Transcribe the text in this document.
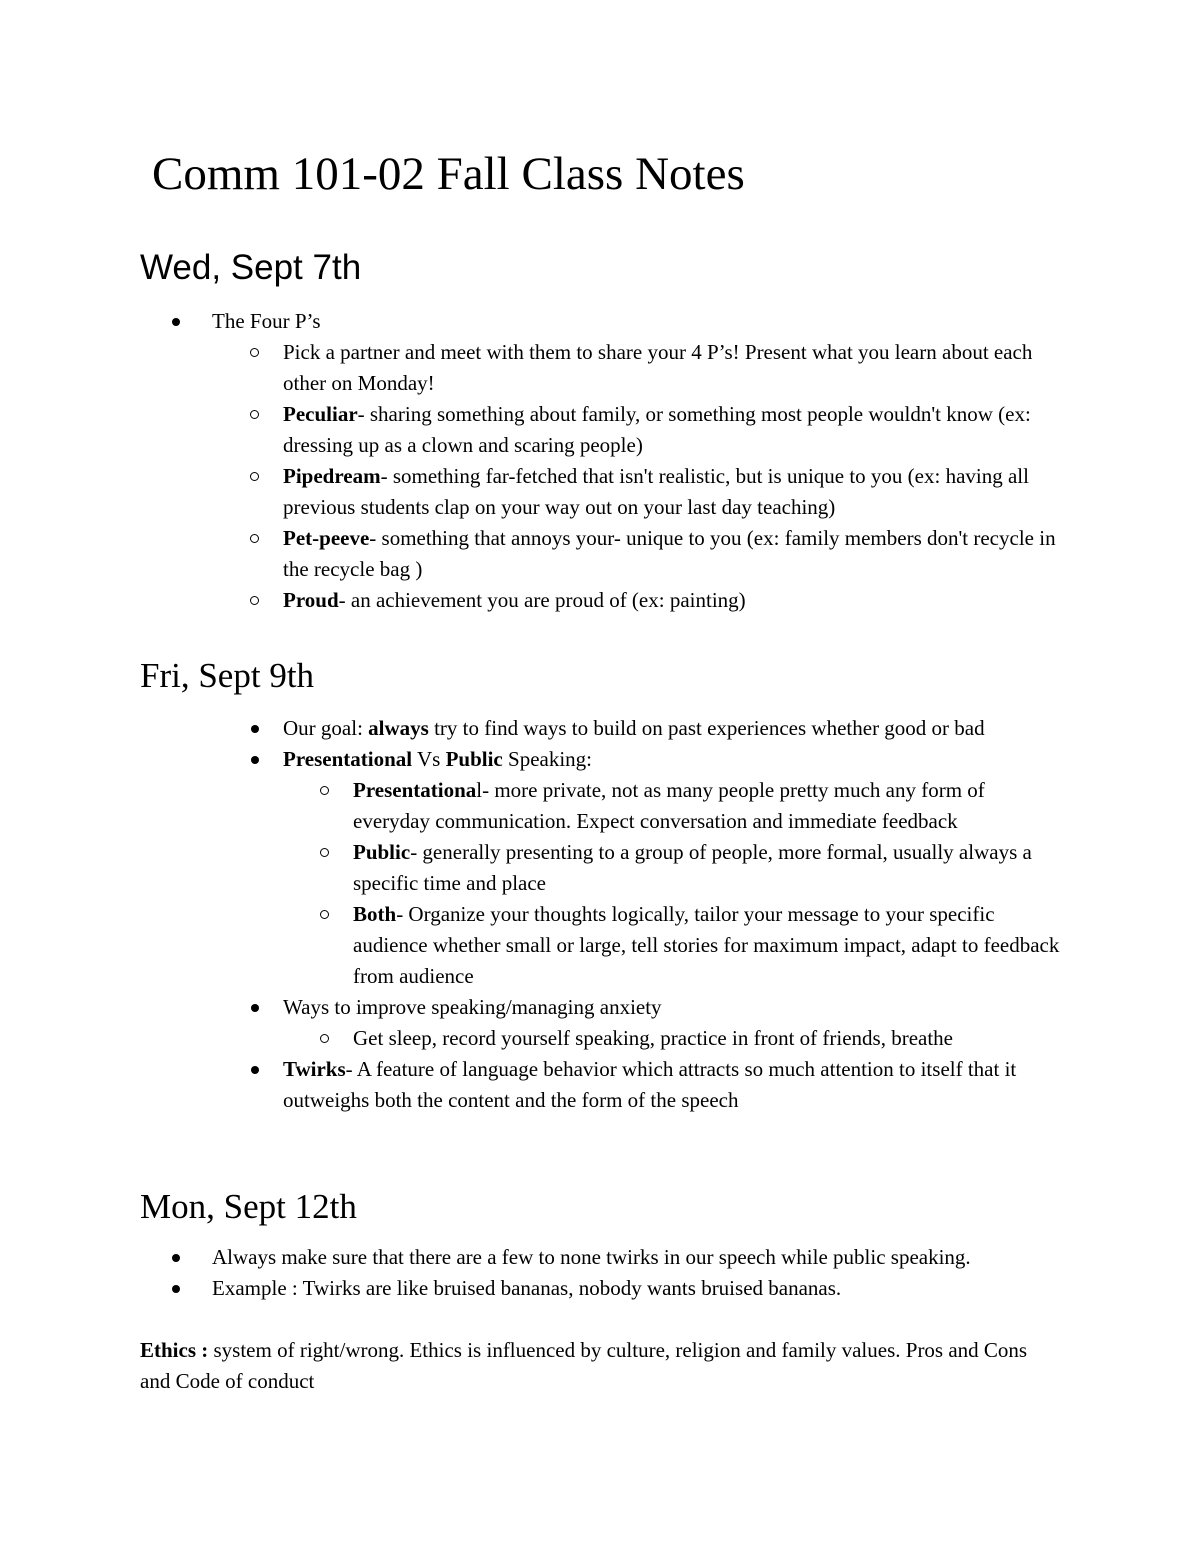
Comm 101-02 Fall Class Notes
Wed, Sept 7th
The Four P’s
Pick a partner and meet with them to share your 4 P’s! Present what you learn about each other on Monday!
Peculiar- sharing something about family, or something most people wouldn't know (ex: dressing up as a clown and scaring people)
Pipedream- something far-fetched that isn't realistic, but is unique to you (ex: having all previous students clap on your way out on your last day teaching)
Pet-peeve- something that annoys your- unique to you (ex: family members don't recycle in the recycle bag )
Proud- an achievement you are proud of (ex: painting)
Fri, Sept 9th
Our goal: always try to find ways to build on past experiences whether good or bad
Presentational Vs Public Speaking:
Presentational- more private, not as many people pretty much any form of everyday communication. Expect conversation and immediate feedback
Public- generally presenting to a group of people, more formal, usually always a specific time and place
Both- Organize your thoughts logically, tailor your message to your specific audience whether small or large, tell stories for maximum impact, adapt to feedback from audience
Ways to improve speaking/managing anxiety
Get sleep, record yourself speaking, practice in front of friends, breathe
Twirks- A feature of language behavior which attracts so much attention to itself that it outweighs both the content and the form of the speech
Mon, Sept 12th
Always make sure that there are a few to none twirks in our speech while public speaking.
Example : Twirks are like bruised bananas, nobody wants bruised bananas.

Ethics : system of right/wrong. Ethics is influenced by culture, religion and family values. Pros and Cons and Code of conduct
